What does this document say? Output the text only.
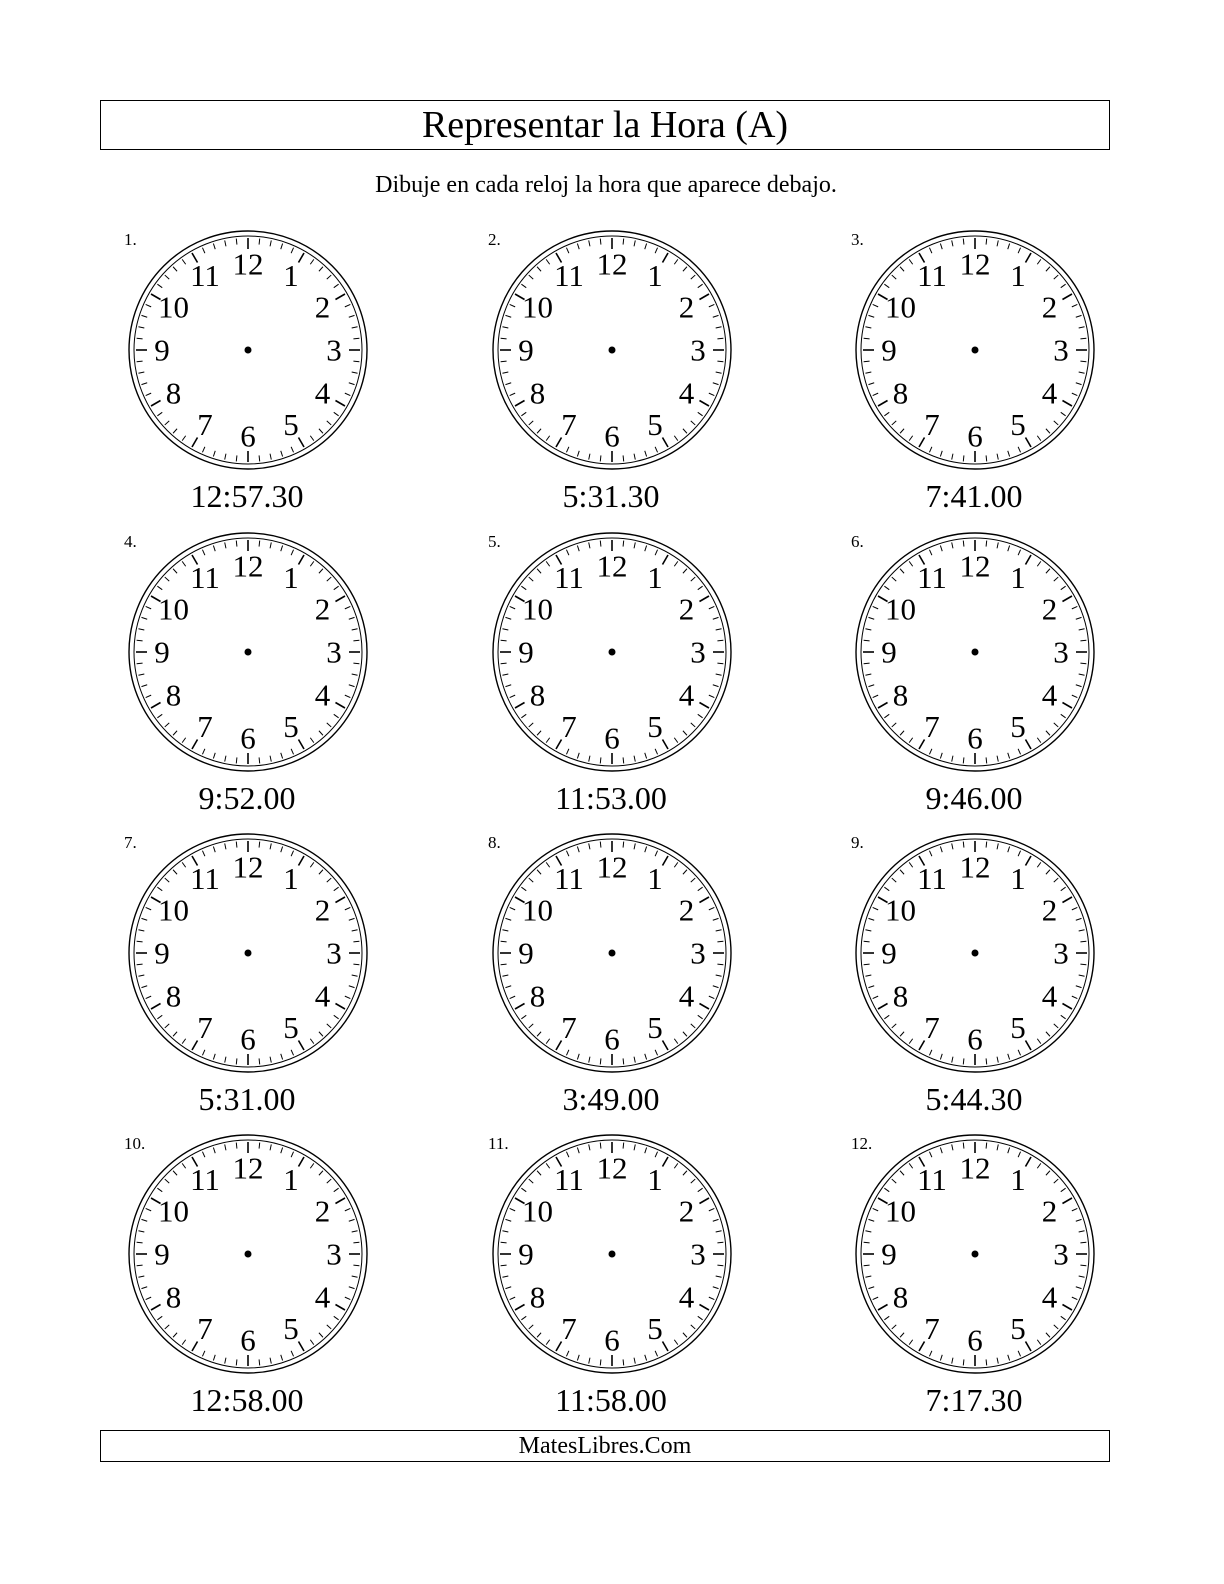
Representar la Hora (A)
Dibuje en cada reloj la hora que aparece debajo.
1.
12 1
2
3
4
5
6
7
8
9
10
11
12:57.30
2.
12 1
2
3
4
5
6
7
8
9
10
11
5:31.30
3.
12 1
2
3
4
5
6
7
8
9
10
11
7:41.00
4.
12 1
2
3
4
5
6
7
8
9
10
11
9:52.00
5.
12 1
2
3
4
5
6
7
8
9
10
11
11:53.00
6.
12 1
2
3
4
5
6
7
8
9
10
11
9:46.00
7.
12 1
2
3
4
5
6
7
8
9
10
11
5:31.00
8.
12 1
2
3
4
5
6
7
8
9
10
11
3:49.00
9.
12 1
2
3
4
5
6
7
8
9
10
11
5:44.30
10.
12 1
2
3
4
5
6
7
8
9
10
11
12:58.00
11.
12 1
2
3
4
5
6
7
8
9
10
11
11:58.00
12.
12 1
2
3
4
5
6
7
8
9
10
11
7:17.30
MatesLibres.Com
